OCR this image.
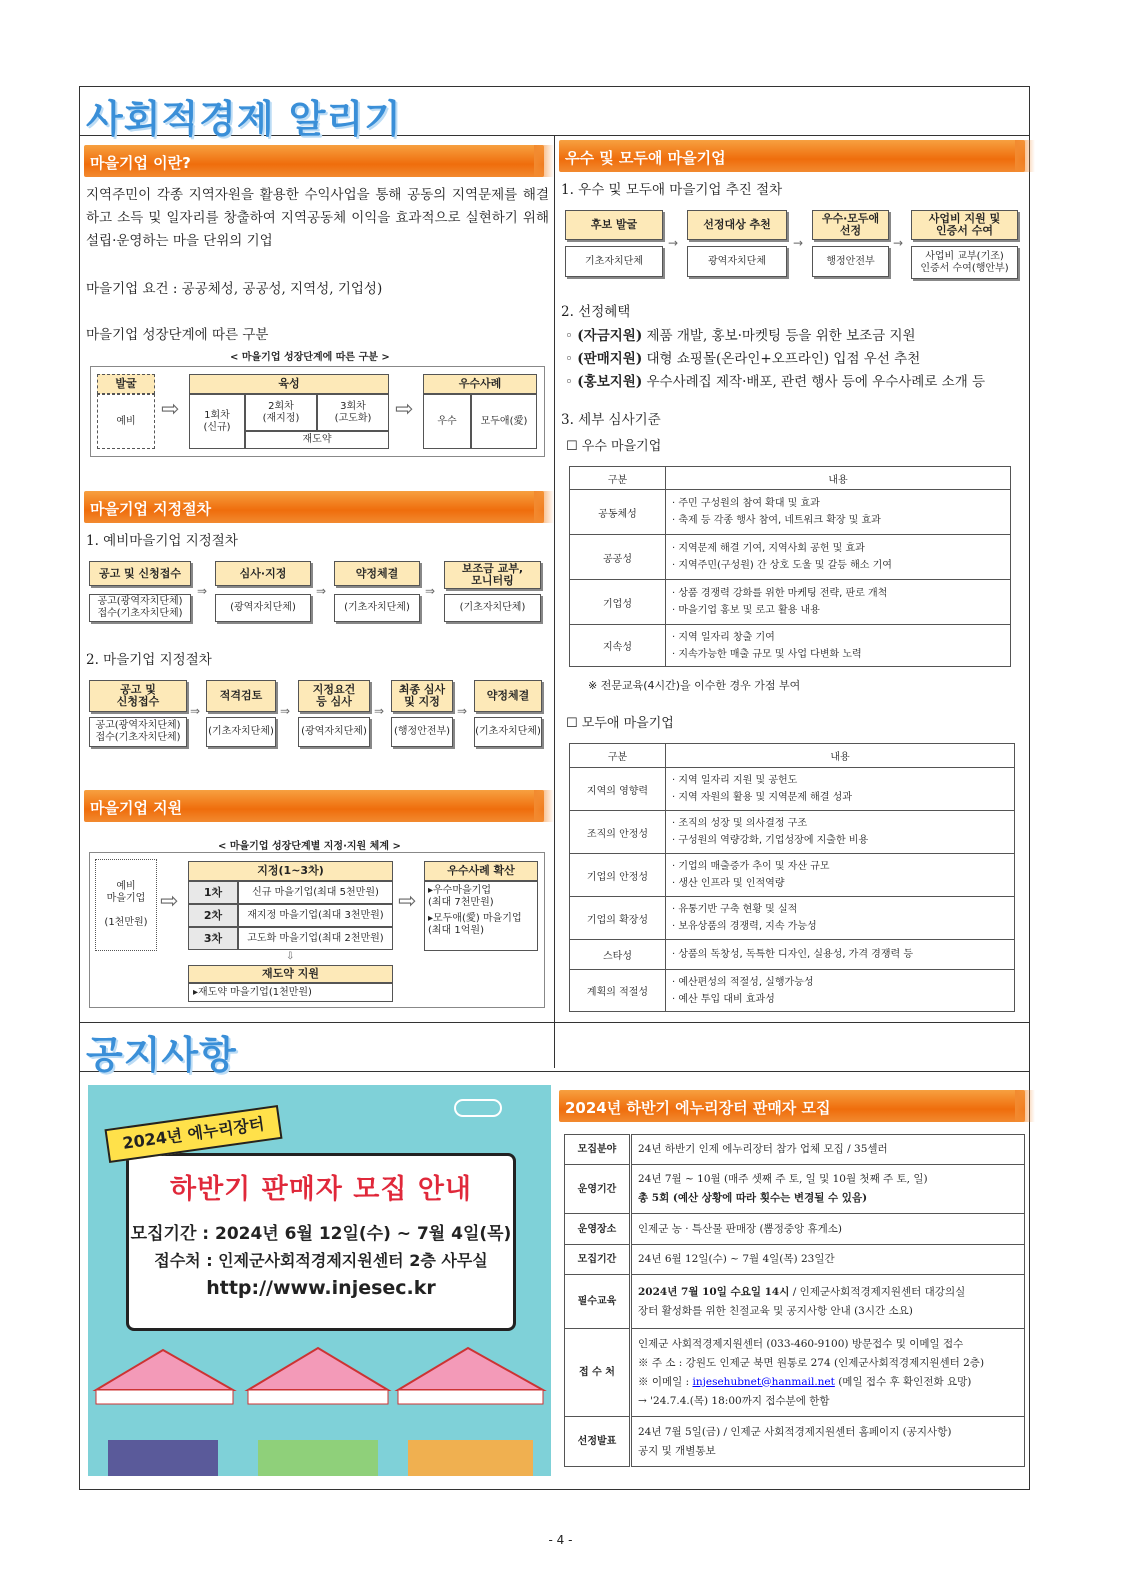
사회적경제 알리기
마을기업 이란?
지역주민이 각종 지역자원을 활용한 수익사업을 통해 공동의 지역문제를 해결하고 소득 및 일자리를 창출하여 지역공동체 이익을 효과적으로 실현하기 위해 설립·운영하는 마을 단위의 기업
마을기업 요건 : 공공체성, 공공성, 지역성, 기업성)
마을기업 성장단계에 따른 구분
< 마을기업 성장단계에 따른 구분 >
발굴
예비	⇨
육성
1회차
(신규)
2회차
(재지정)
3회차
(고도화)
재도약
⇨
우수사례
우수	모두애(愛)
마을기업 지정절차
1. 예비마을기업 지정절차
공고 및 신청접수
공고(광역자치단체)
접수(기초자치단체)
⇒
심사·지정
(광역자치단체)
⇒
약정체결
(기초자치단체)
⇒
보조금 교부,
모니터링
(기초자치단체)
2. 마을기업 지정절차
공고 및
신청접수
공고(광역자치단체)
접수(기초자치단체)
⇒
적격검토
(기초자치단체)
⇒
지정요건
등 심사
(광역자치단체)
⇒
최종 심사
및 지정
(행정안전부)
⇒
약정체결
(기초자치단체)
마을기업 지원
< 마을기업 성장단계별 지정·지원 체계 >
예비
마을기업

(1천만원)
⇨
지정(1~3차)
1차	신규 마을기업(최대 5천만원)
2차	재지정 마을기업(최대 3천만원)
3차	고도화 마을기업(최대 2천만원)
⇩
⇨
우수사례 확산
▸우수마을기업
(최대 7천만원)
▸모두애(愛) 마을기업
(최대 1억원)
재도약 지원
▸재도약 마을기업(1천만원)
우수 및 모두애 마을기업
1. 우수 및 모두애 마을기업 추진 절차
후보 발굴
기초자치단체
→
선정대상 추천
광역자치단체
→
우수·모두애
선정
행정안전부
→
사업비 지원 및
인증서 수여
사업비 교부(기조)
인증서 수여(행안부)
2. 선정혜택
◦ (자금지원) 제품 개발, 홍보·마켓팅 등을 위한 보조금 지원
◦ (판매지원) 대형 쇼핑몰(온라인+오프라인) 입점 우선 추천
◦ (홍보지원) 우수사례집 제작·배포, 관련 행사 등에 우수사례로 소개 등
3. 세부 심사기준
☐ 우수 마을기업
구분	내용
공동체성	· 주민 구성원의 참여 확대 및 효과
· 축제 등 각종 행사 참여, 네트워크 확장 및 효과
공공성	· 지역문제 해결 기여, 지역사회 공헌 및 효과
· 지역주민(구성원) 간 상호 도울 및 갈등 해소 기여
기업성	· 상품 경쟁력 강화를 위한 마케팅 전략, 판로 개척
· 마을기업 홍보 및 로고 활용 내용
지속성	· 지역 일자리 창출 기여
· 지속가능한 매출 규모 및 사업 다변화 노력
※ 전문교육(4시간)을 이수한 경우 가점 부여
☐ 모두애 마을기업
구분	내용
지역의 영향력	· 지역 일자리 지원 및 공헌도
· 지역 자원의 활용 및 지역문제 해결 성과
조직의 안정성	· 조직의 성장 및 의사결정 구조
· 구성원의 역량강화, 기업성장에 지출한 비용
기업의 안정성	· 기업의 매출증가 추이 및 자산 규모
· 생산 인프라 및 인적역량
기업의 확장성	· 유통기반 구축 현황 및 실적
· 보유상품의 경쟁력, 지속 가능성
스타성	· 상품의 독창성, 독특한 디자인, 실용성, 가격 경쟁력 등
계획의 적절성	· 예산편성의 적절성, 실행가능성
· 예산 투입 대비 효과성
공지사항
2024년 에누리장터
하반기 판매자 모집 안내
모집기간 : 2024년 6월 12일(수) ~ 7월 4일(목)
접수처 : 인제군사회적경제지원센터 2층 사무실
http://www.injesec.kr
2024년 하반기 에누리장터 판매자 모집
모집분야	24년 하반기 인제 에누리장터 참가 업체 모집 / 35셀러
운영기간	24년 7월 ~ 10월 (매주 셋째 주 토, 일 및 10월 첫째 주 토, 일)
총 5회 (예산 상황에 따라 횟수는 변경될 수 있음)

운영장소	인제군 농 · 특산물 판매장 (뽐정중앙 휴게소)
모집기간	24년 6월 12일(수) ~ 7월 4일(목) 23일간
필수교육	2024년 7월 10일 수요일 14시 / 인제군사회적경제지원센터 대강의실
장터 활성화를 위한 친절교육 및 공지사항 안내 (3시간 소요)

접 수 처	인제군 사회적경제지원센터 (033-460-9100) 방문접수 및 이메일 접수
※ 주 소 : 강원도 인제군 북면 원통로 274 (인제군사회적경제지원센터 2층)
※ 이메일 : injesehubnet@hanmail.net (메일 접수 후 확인전화 요망)
→ '24.7.4.(목) 18:00까지 접수분에 한함

선정발표	24년 7월 5일(금) / 인제군 사회적경제지원센터 홈페이지 (공지사항)
공지 및 개별통보
- 4 -
